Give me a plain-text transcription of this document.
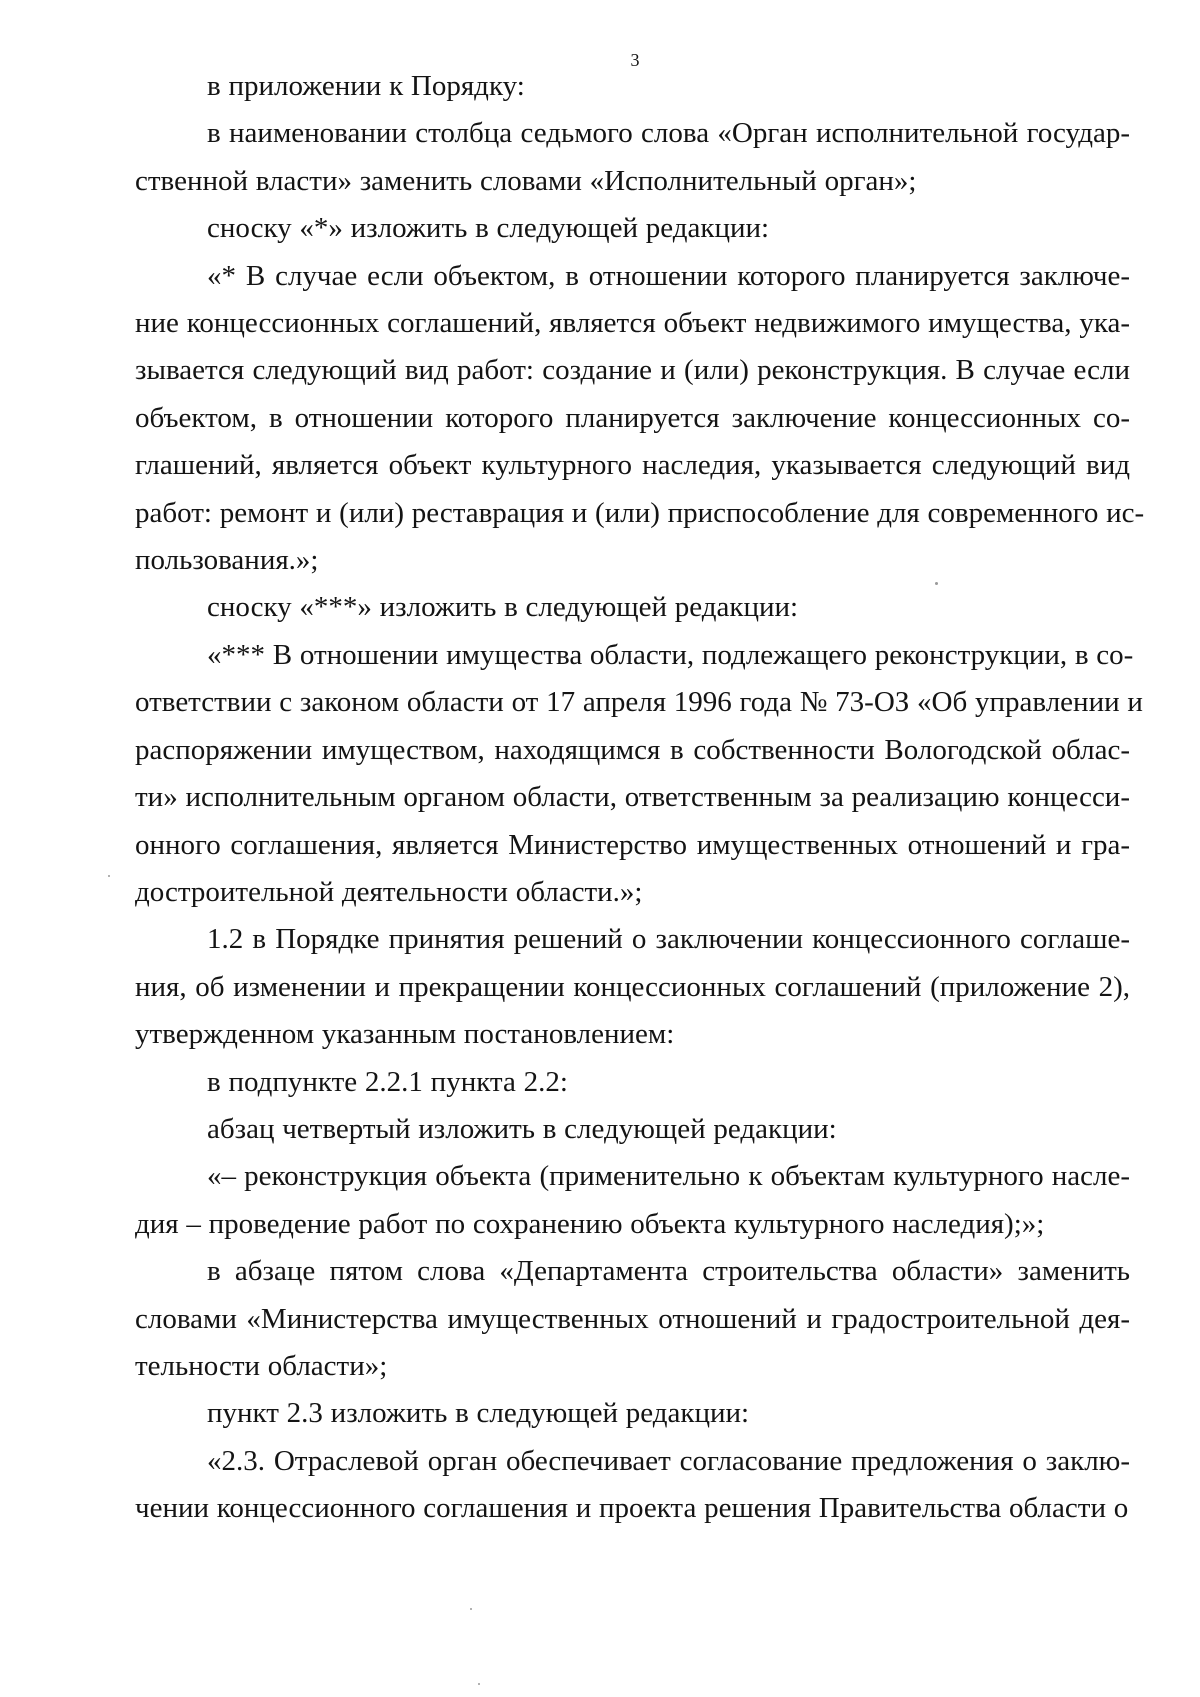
3

в приложении к Порядку:

в наименовании столбца седьмого слова «Орган исполнительной государ-
ственной власти» заменить словами «Исполнительный орган»;

сноску «*» изложить в следующей редакции:

«* В случае если объектом, в отношении которого планируется заключе-
ние концессионных соглашений, является объект недвижимого имущества, ука-
зывается следующий вид работ: создание и (или) реконструкция. В случае если
объектом, в отношении которого планируется заключение концессионных со-
глашений, является объект культурного наследия, указывается следующий вид
работ: ремонт и (или) реставрация и (или) приспособление для современного ис-
пользования.»;

сноску «***» изложить в следующей редакции:

«*** В отношении имущества области, подлежащего реконструкции, в со-
ответствии с законом области от 17 апреля 1996 года № 73-ОЗ «Об управлении и
распоряжении имуществом, находящимся в собственности Вологодской облас-
ти» исполнительным органом области, ответственным за реализацию концесси-
онного соглашения, является Министерство имущественных отношений и гра-
достроительной деятельности области.»;

1.2 в Порядке принятия решений о заключении концессионного соглаше-
ния, об изменении и прекращении концессионных соглашений (приложение 2),
утвержденном указанным постановлением:

в подпункте 2.2.1 пункта 2.2:

абзац четвертый изложить в следующей редакции:

«– реконструкция объекта (применительно к объектам культурного насле-
дия – проведение работ по сохранению объекта культурного наследия);»;

в абзаце пятом слова «Департамента строительства области» заменить
словами «Министерства имущественных отношений и градостроительной дея-
тельности области»;

пункт 2.3 изложить в следующей редакции:

«2.3. Отраслевой орган обеспечивает согласование предложения о заклю-
чении концессионного соглашения и проекта решения Правительства области о
